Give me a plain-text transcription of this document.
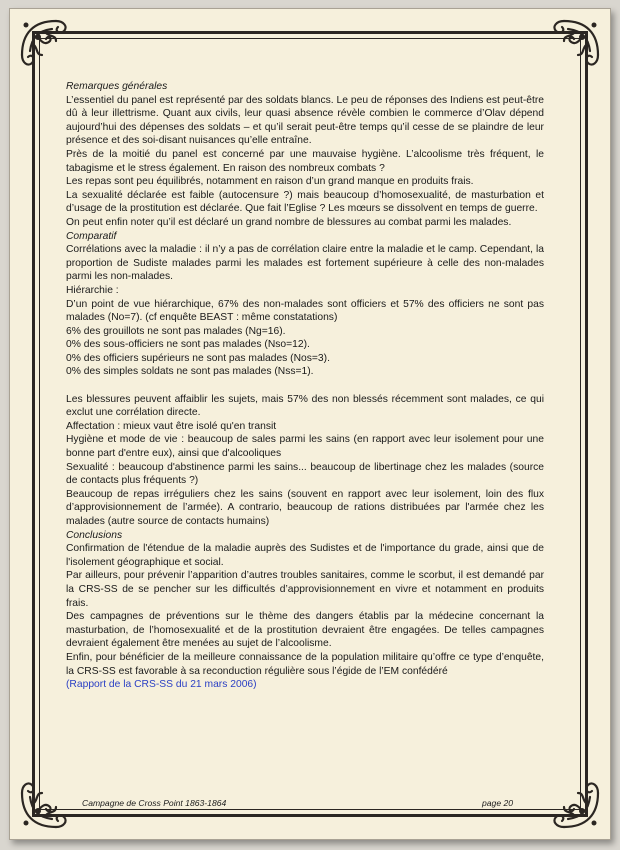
Remarques générales

L’essentiel du panel est représenté par des soldats blancs. Le peu de réponses des Indiens est peut-être dû à leur illettrisme. Quant aux civils, leur quasi absence révèle combien le commerce d’Olav dépend aujourd’hui des dépenses des soldats – et qu’il serait peut-être temps qu’il cesse de se plaindre de leur présence et des soi-disant nuisances qu’elle entraîne.

Près de la moitié du panel est concerné par une mauvaise hygiène. L’alcoolisme très fréquent, le tabagisme et le stress également. En raison des nombreux combats ?

Les repas sont peu équilibrés, notamment en raison d’un grand manque en produits frais.

La sexualité déclarée est faible (autocensure ?) mais beaucoup d’homosexualité, de masturbation et d’usage de la prostitution est déclarée. Que fait l’Eglise ? Les mœurs se dissolvent en temps de guerre.

On peut enfin noter qu’il est déclaré un grand nombre de blessures au combat parmi les malades.

Comparatif

Corrélations avec la maladie : il n’y a pas de corrélation claire entre la maladie et le camp. Cependant, la proportion de Sudiste malades parmi les malades est fortement supérieure à celle des non-malades parmi les non-malades.

Hiérarchie :

D’un point de vue hiérarchique, 67% des non-malades sont officiers et 57% des officiers ne sont pas malades (No=7). (cf enquête BEAST : même constatations)

6% des grouillots ne sont pas malades (Ng=16).

0% des sous-officiers ne sont pas malades (Nso=12).

0% des officiers supérieurs ne sont pas malades (Nos=3).

0% des simples soldats ne sont pas malades (Nss=1).

Les blessures peuvent affaiblir les sujets, mais 57% des non blessés récemment sont malades, ce qui exclut une corrélation directe.

Affectation : mieux vaut être isolé qu'en transit

Hygiène et mode de vie : beaucoup de sales parmi les sains (en rapport avec leur isolement pour une bonne part d'entre eux), ainsi que d'alcooliques

Sexualité : beaucoup d'abstinence parmi les sains... beaucoup de libertinage chez les malades (source de contacts plus fréquents ?)

Beaucoup de repas irréguliers chez les sains (souvent en rapport avec leur isolement, loin des flux d’approvisionnement de l’armée). A contrario, beaucoup de rations distribuées par l'armée chez les malades (autre source de contacts humains)

Conclusions

Confirmation de l'étendue de la maladie auprès des Sudistes et de l'importance du grade, ainsi que de l'isolement géographique et social.

Par ailleurs, pour prévenir l’apparition d’autres troubles sanitaires, comme le scorbut, il est demandé par la CRS-SS de se pencher sur les difficultés d’approvisionnement en vivre et notamment en produits frais.

Des campagnes de préventions sur le thème des dangers établis par la médecine concernant la masturbation, de l’homosexualité et de la prostitution devraient être engagées. De telles campagnes devraient également être menées au sujet de l’alcoolisme.

Enfin, pour bénéficier de la meilleure connaissance de la population militaire qu’offre ce type d’enquête, la CRS-SS est favorable à sa reconduction régulière sous l’égide de l’EM confédéré

(Rapport de la CRS-SS du 21 mars 2006)

Campagne de Cross Point 1863-1864	page 20
